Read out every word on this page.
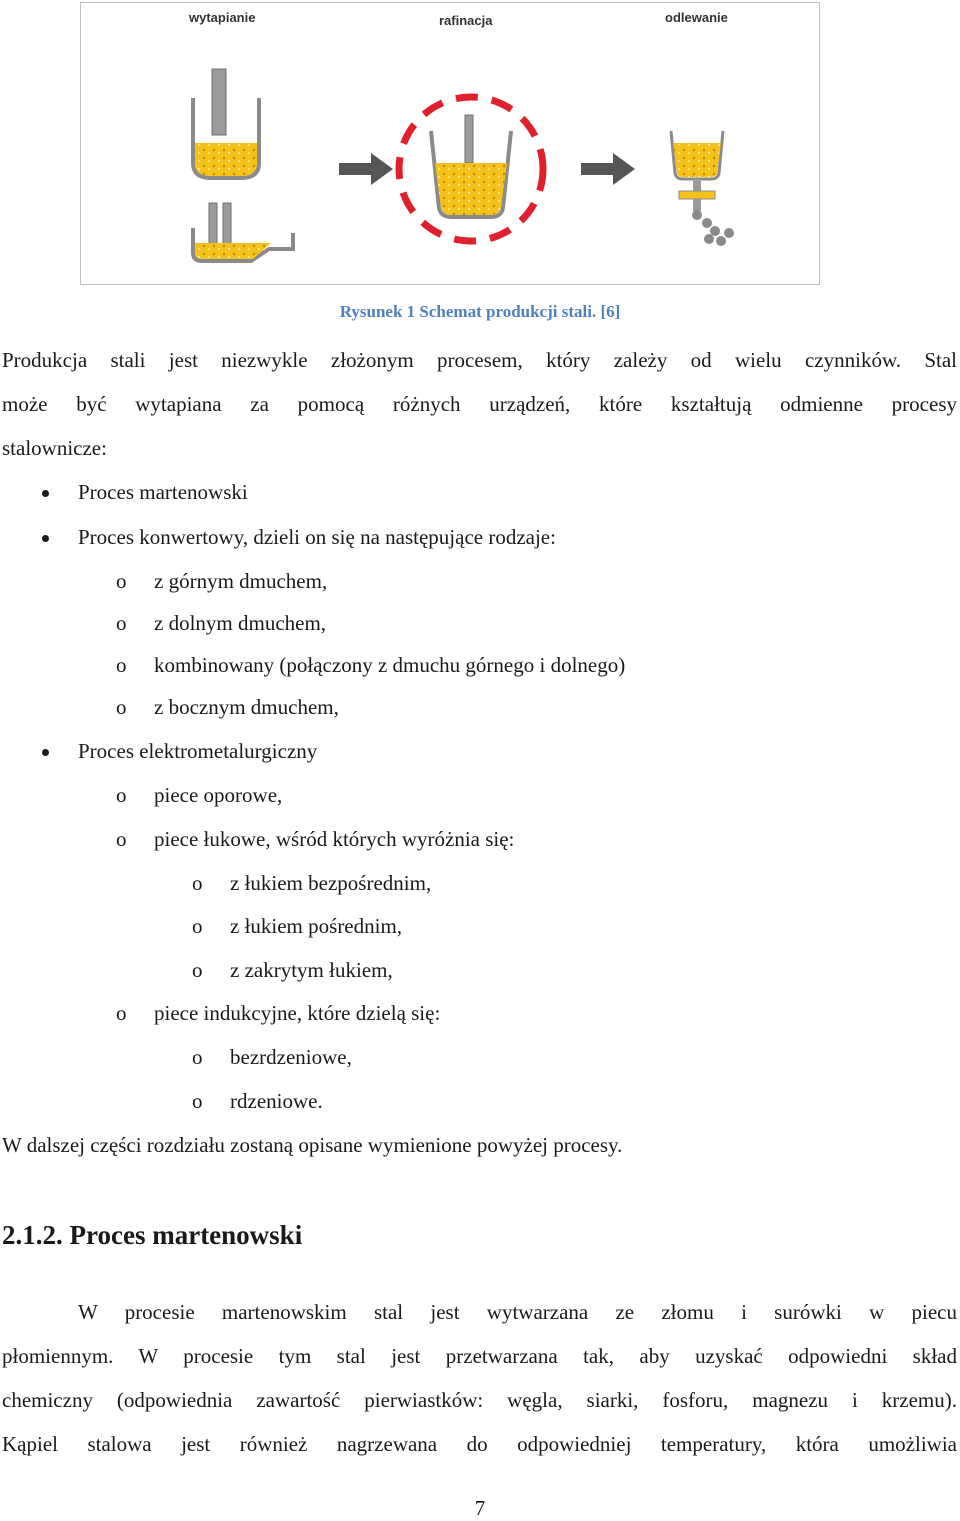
wytapianie	rafinacja	odlewanie
Rysunek 1 Schemat produkcji stali. [6]
Produkcja stali jest niezwykle złożonym procesem, który zależy od wielu czynników. Stal
może być wytapiana za pomocą różnych urządzeń, które kształtują odmienne procesy
stalownicze:
Proces martenowski
Proces konwertowy, dzieli on się na następujące rodzaje:
o z górnym dmuchem,
o z dolnym dmuchem,
o kombinowany (połączony z dmuchu górnego i dolnego)
o z bocznym dmuchem,
Proces elektrometalurgiczny
o piece oporowe,
o piece łukowe, wśród których wyróżnia się:
o z łukiem bezpośrednim,
o z łukiem pośrednim,
o z zakrytym łukiem,
o piece indukcyjne, które dzielą się:
o bezrdzeniowe,
o rdzeniowe.
W dalszej części rozdziału zostaną opisane wymienione powyżej procesy.
2.1.2. Proces martenowski
W procesie martenowskim stal jest wytwarzana ze złomu i surówki w piecu
płomiennym. W procesie tym stal jest przetwarzana tak, aby uzyskać odpowiedni skład
chemiczny (odpowiednia zawartość pierwiastków: węgla, siarki, fosforu, magnezu i krzemu).
Kąpiel stalowa jest również nagrzewana do odpowiedniej temperatury, która umożliwia
7
